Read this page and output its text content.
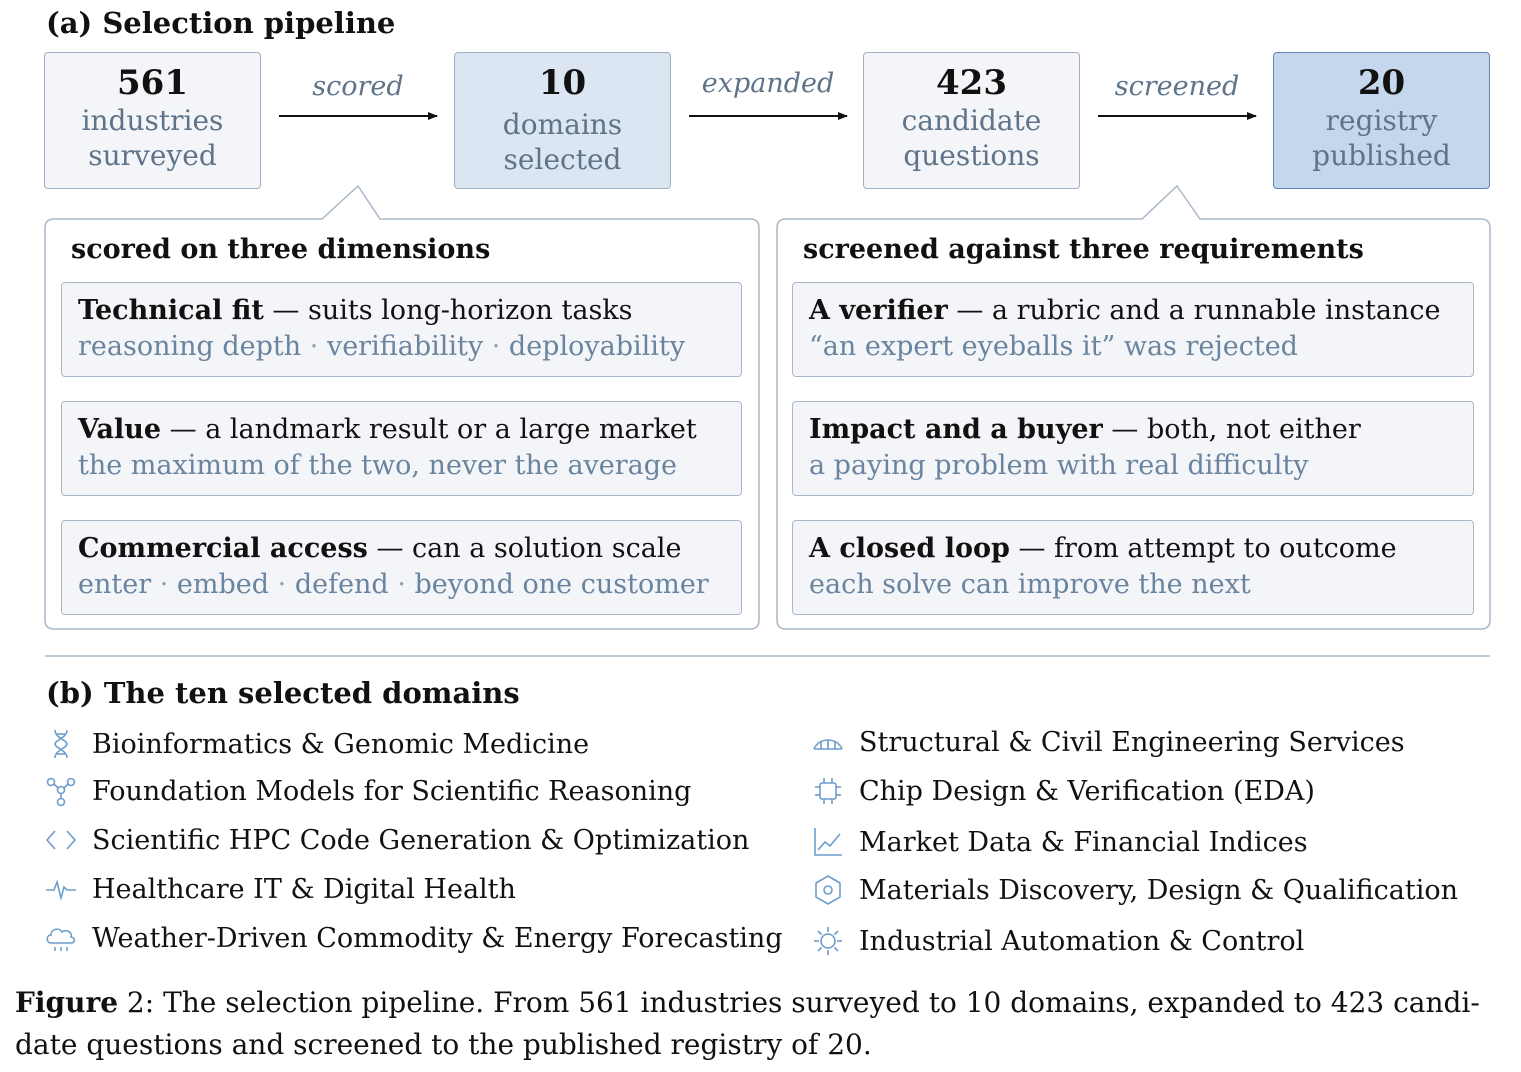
(a) Selection pipeline
561
industries
surveyed
10
domains
selected
423
candidate
questions
20
registry
published
scored	expanded	screened
scored on three dimensions
Technical fit — suits long-horizon tasks
reasoning depth · verifiability · deployability
Value — a landmark result or a large market
the maximum of the two, never the average
Commercial access — can a solution scale
enter · embed · defend · beyond one customer
screened against three requirements
A verifier — a rubric and a runnable instance
“an expert eyeballs it” was rejected
Impact and a buyer — both, not either
a paying problem with real difficulty
A closed loop — from attempt to outcome
each solve can improve the next
(b) The ten selected domains
Bioinformatics & Genomic Medicine
Foundation Models for Scientific Reasoning
Scientific HPC Code Generation & Optimization
Healthcare IT & Digital Health
Weather-Driven Commodity & Energy Forecasting
Structural & Civil Engineering Services
Chip Design & Verification (EDA)
Market Data & Financial Indices
Materials Discovery, Design & Qualification
Industrial Automation & Control
Figure 2: The selection pipeline. From 561 industries surveyed to 10 domains, expanded to 423 candi-date questions and screened to the published registry of 20.
